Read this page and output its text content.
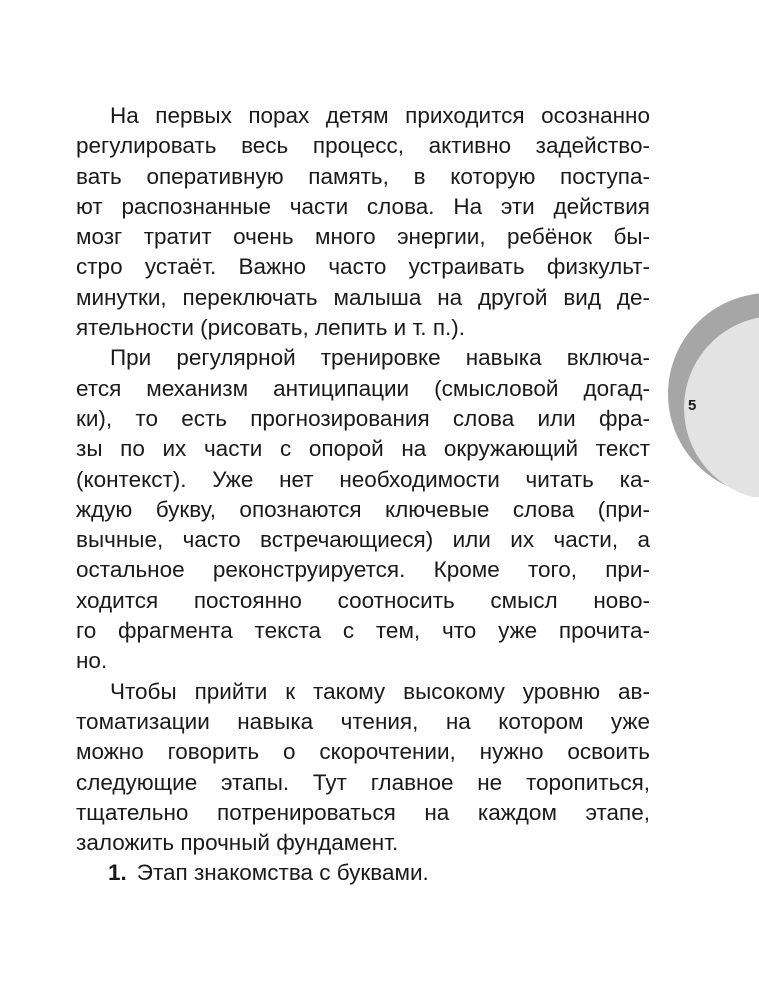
На первых порах детям приходится осознанно
регулировать весь процесс, активно задейство-
вать оперативную память, в которую поступа-
ют распознанные части слова. На эти действия
мозг тратит очень много энергии, ребёнок бы-
стро устаёт. Важно часто устраивать физкульт-
минутки, переключать малыша на другой вид де-
ятельности (рисовать, лепить и т. п.).
При регулярной тренировке навыка включа-
ется механизм антиципации (смысловой догад-
ки), то есть прогнозирования слова или фра-
зы по их части с опорой на окружающий текст
(контекст). Уже нет необходимости читать ка-
ждую букву, опознаются ключевые слова (при-
вычные, часто встречающиеся) или их части, а
остальное реконструируется. Кроме того, при-
ходится постоянно соотносить смысл ново-
го фрагмента текста с тем, что уже прочита-
но.
Чтобы прийти к такому высокому уровню ав-
томатизации навыка чтения, на котором уже
можно говорить о скорочтении, нужно освоить
следующие этапы. Тут главное не торопиться,
тщательно потренироваться на каждом этапе,
заложить прочный фундамент.
1. Этап знакомства с буквами.
5
